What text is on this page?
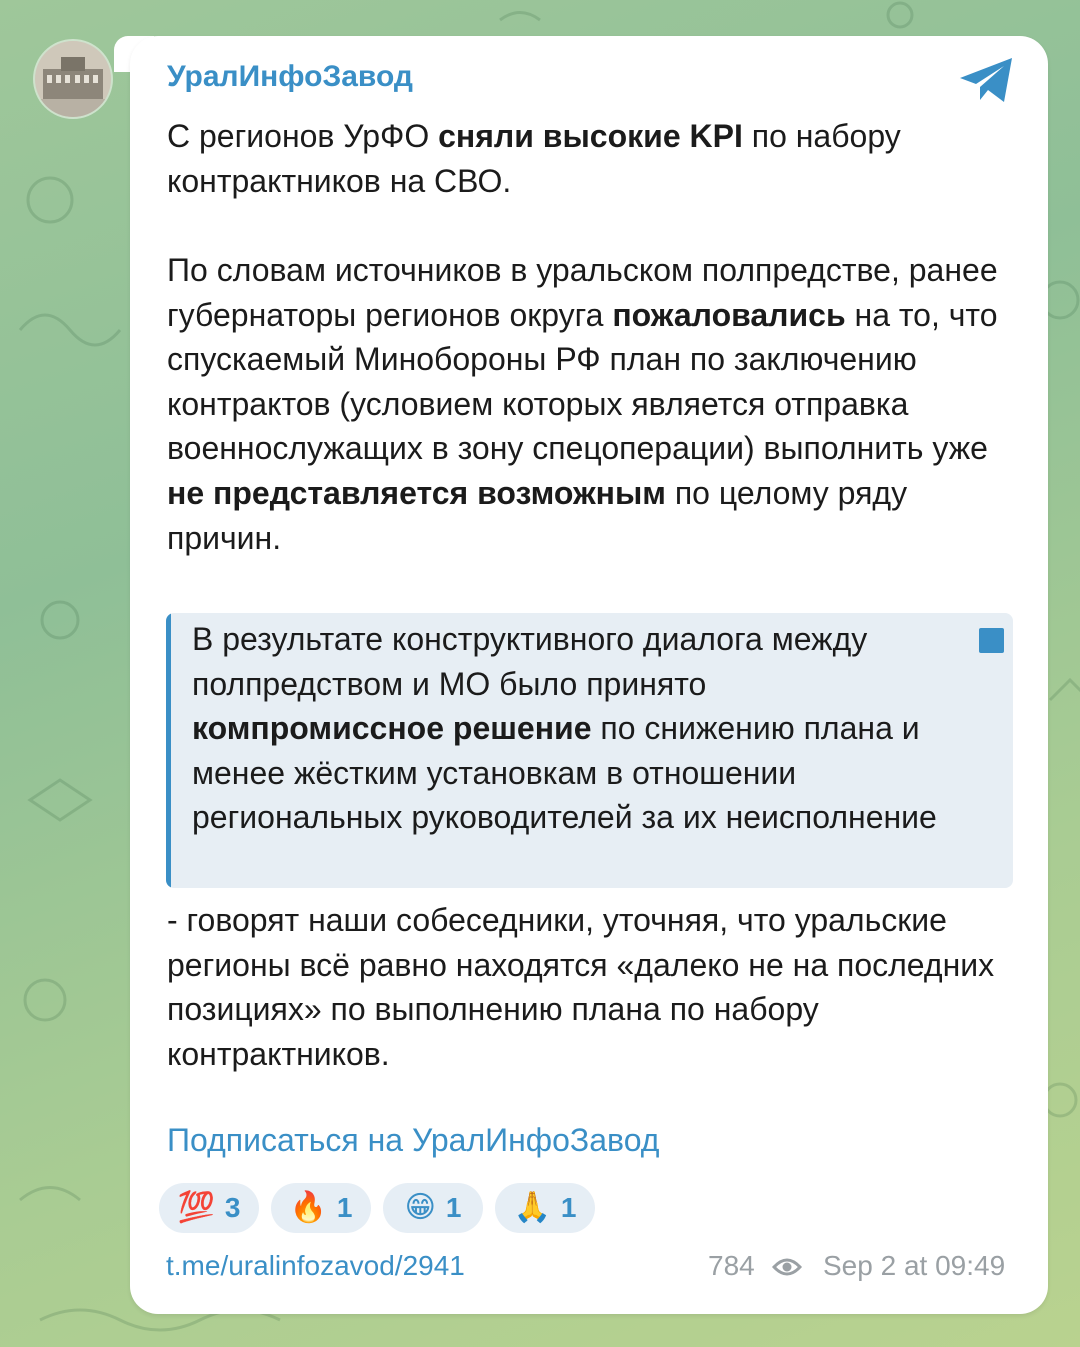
УралИнфоЗавод
С регионов УрФО сняли высокие KPI по набору контрактников на СВО.
По словам источников в уральском полпредстве, ранее губернаторы регионов округа пожаловались на то, что спускаемый Минобороны РФ план по заключению контрактов (условием которых является отправка военнослужащих в зону спецоперации) выполнить уже не представляется возможным по целому ряду причин.
В результате конструктивного диалога между полпредством и МО было принято компромиссное решение по снижению плана и менее жёстким установкам в отношении региональных руководителей за их неисполнение
- говорят наши собеседники, уточняя, что уральские регионы всё равно находятся «далеко не на последних позициях» по выполнению плана по набору контрактников.
Подписаться на УралИнфоЗавод
💯 3 🔥 1 😁 1 🙏 1
t.me/uralinfozavod/2941	784 Sep 2 at 09:49
